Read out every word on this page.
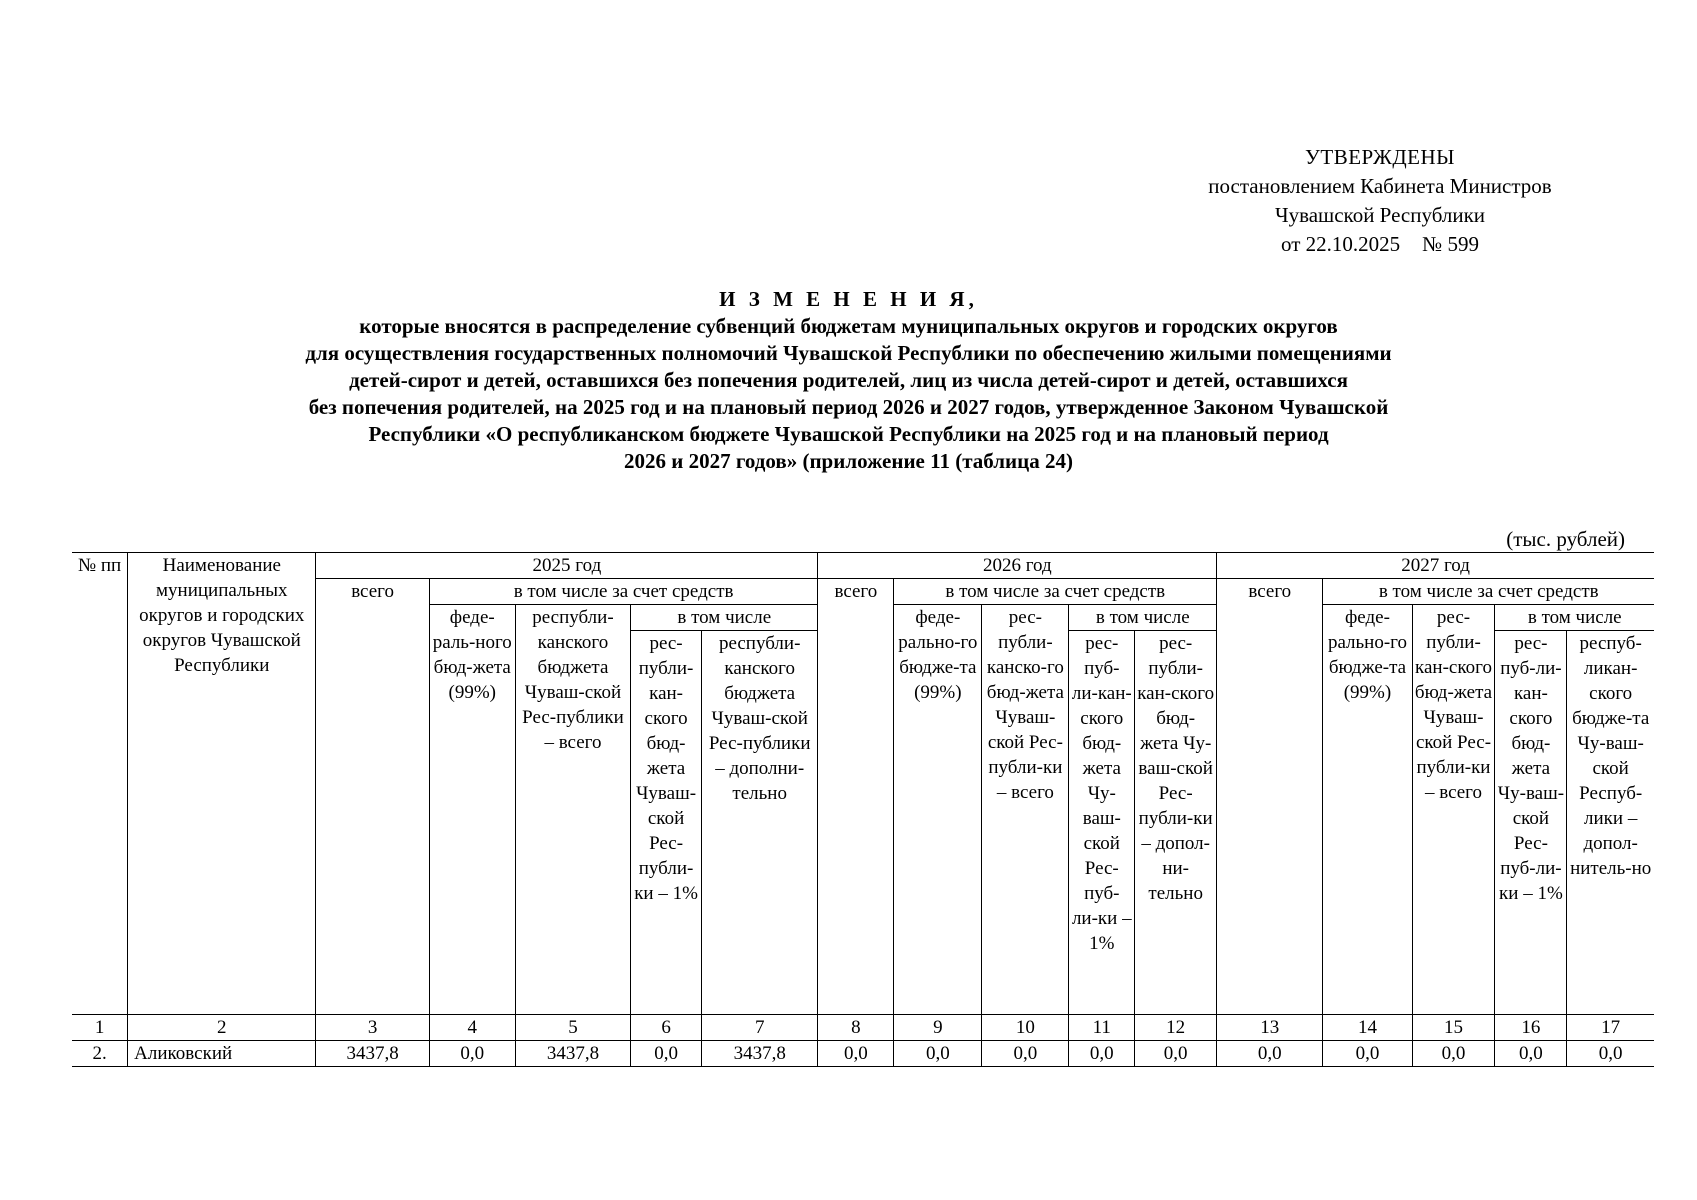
УТВЕРЖДЕНЫ
постановлением Кабинета Министров
Чувашской Республики
от 22.10.2025 № 599
И З М Е Н Е Н И Я,
которые вносятся в распределение субвенций бюджетам муниципальных округов и городских округов
для осуществления государственных полномочий Чувашской Республики по обеспечению жилыми помещениями
детей-сирот и детей, оставшихся без попечения родителей, лиц из числа детей-сирот и детей, оставшихся
без попечения родителей, на 2025 год и на плановый период 2026 и 2027 годов, утвержденное Законом Чувашской
Республики «О республиканском бюджете Чувашской Республики на 2025 год и на плановый период
2026 и 2027 годов» (приложение 11 (таблица 24)
(тыс. рублей)
№ пп	Наименование муниципальных округов и городских округов Чувашской Республики	2025 год					2026 год					2027 год				
		всего	в том числе за счет средств				всего	в том числе за счет средств				всего	в том числе за счет средств			
			феде-раль-ного бюд-жета (99%)	республи-канского бюджета Чуваш-ской Рес-публики – всего	в том числе			феде-рально-го бюдже-та (99%)	рес-публи-канско-го бюд-жета Чуваш-ской Рес-публи-ки – всего	в том числе			феде-рально-го бюдже-та (99%)	рес-публи-кан-ского бюд-жета Чуваш-ской Рес-публи-ки – всего	в том числе	
					рес-публи-кан-ского бюд-жета Чуваш-ской Рес-публи-ки – 1%	республи-канского бюджета Чуваш-ской Рес-публики – дополни-тельно				рес-пуб-ли-кан-ского бюд-жета Чу-ваш-ской Рес-пуб-ли-ки – 1%	рес-публи-кан-ского бюд-жета Чу-ваш-ской Рес-публи-ки – допол-ни-тельно				рес-пуб-ли-кан-ского бюд-жета Чу-ваш-ской Рес-пуб-ли-ки – 1%	респуб-ликан-ского бюдже-та Чу-ваш-ской Респуб-лики – допол-нитель-но
1	2	3	4	5	6	7	8	9	10	11	12	13	14	15	16	17
2.	Аликовский	3437,8	0,0	3437,8	0,0	3437,8	0,0	0,0	0,0	0,0	0,0	0,0	0,0	0,0	0,0	0,0
